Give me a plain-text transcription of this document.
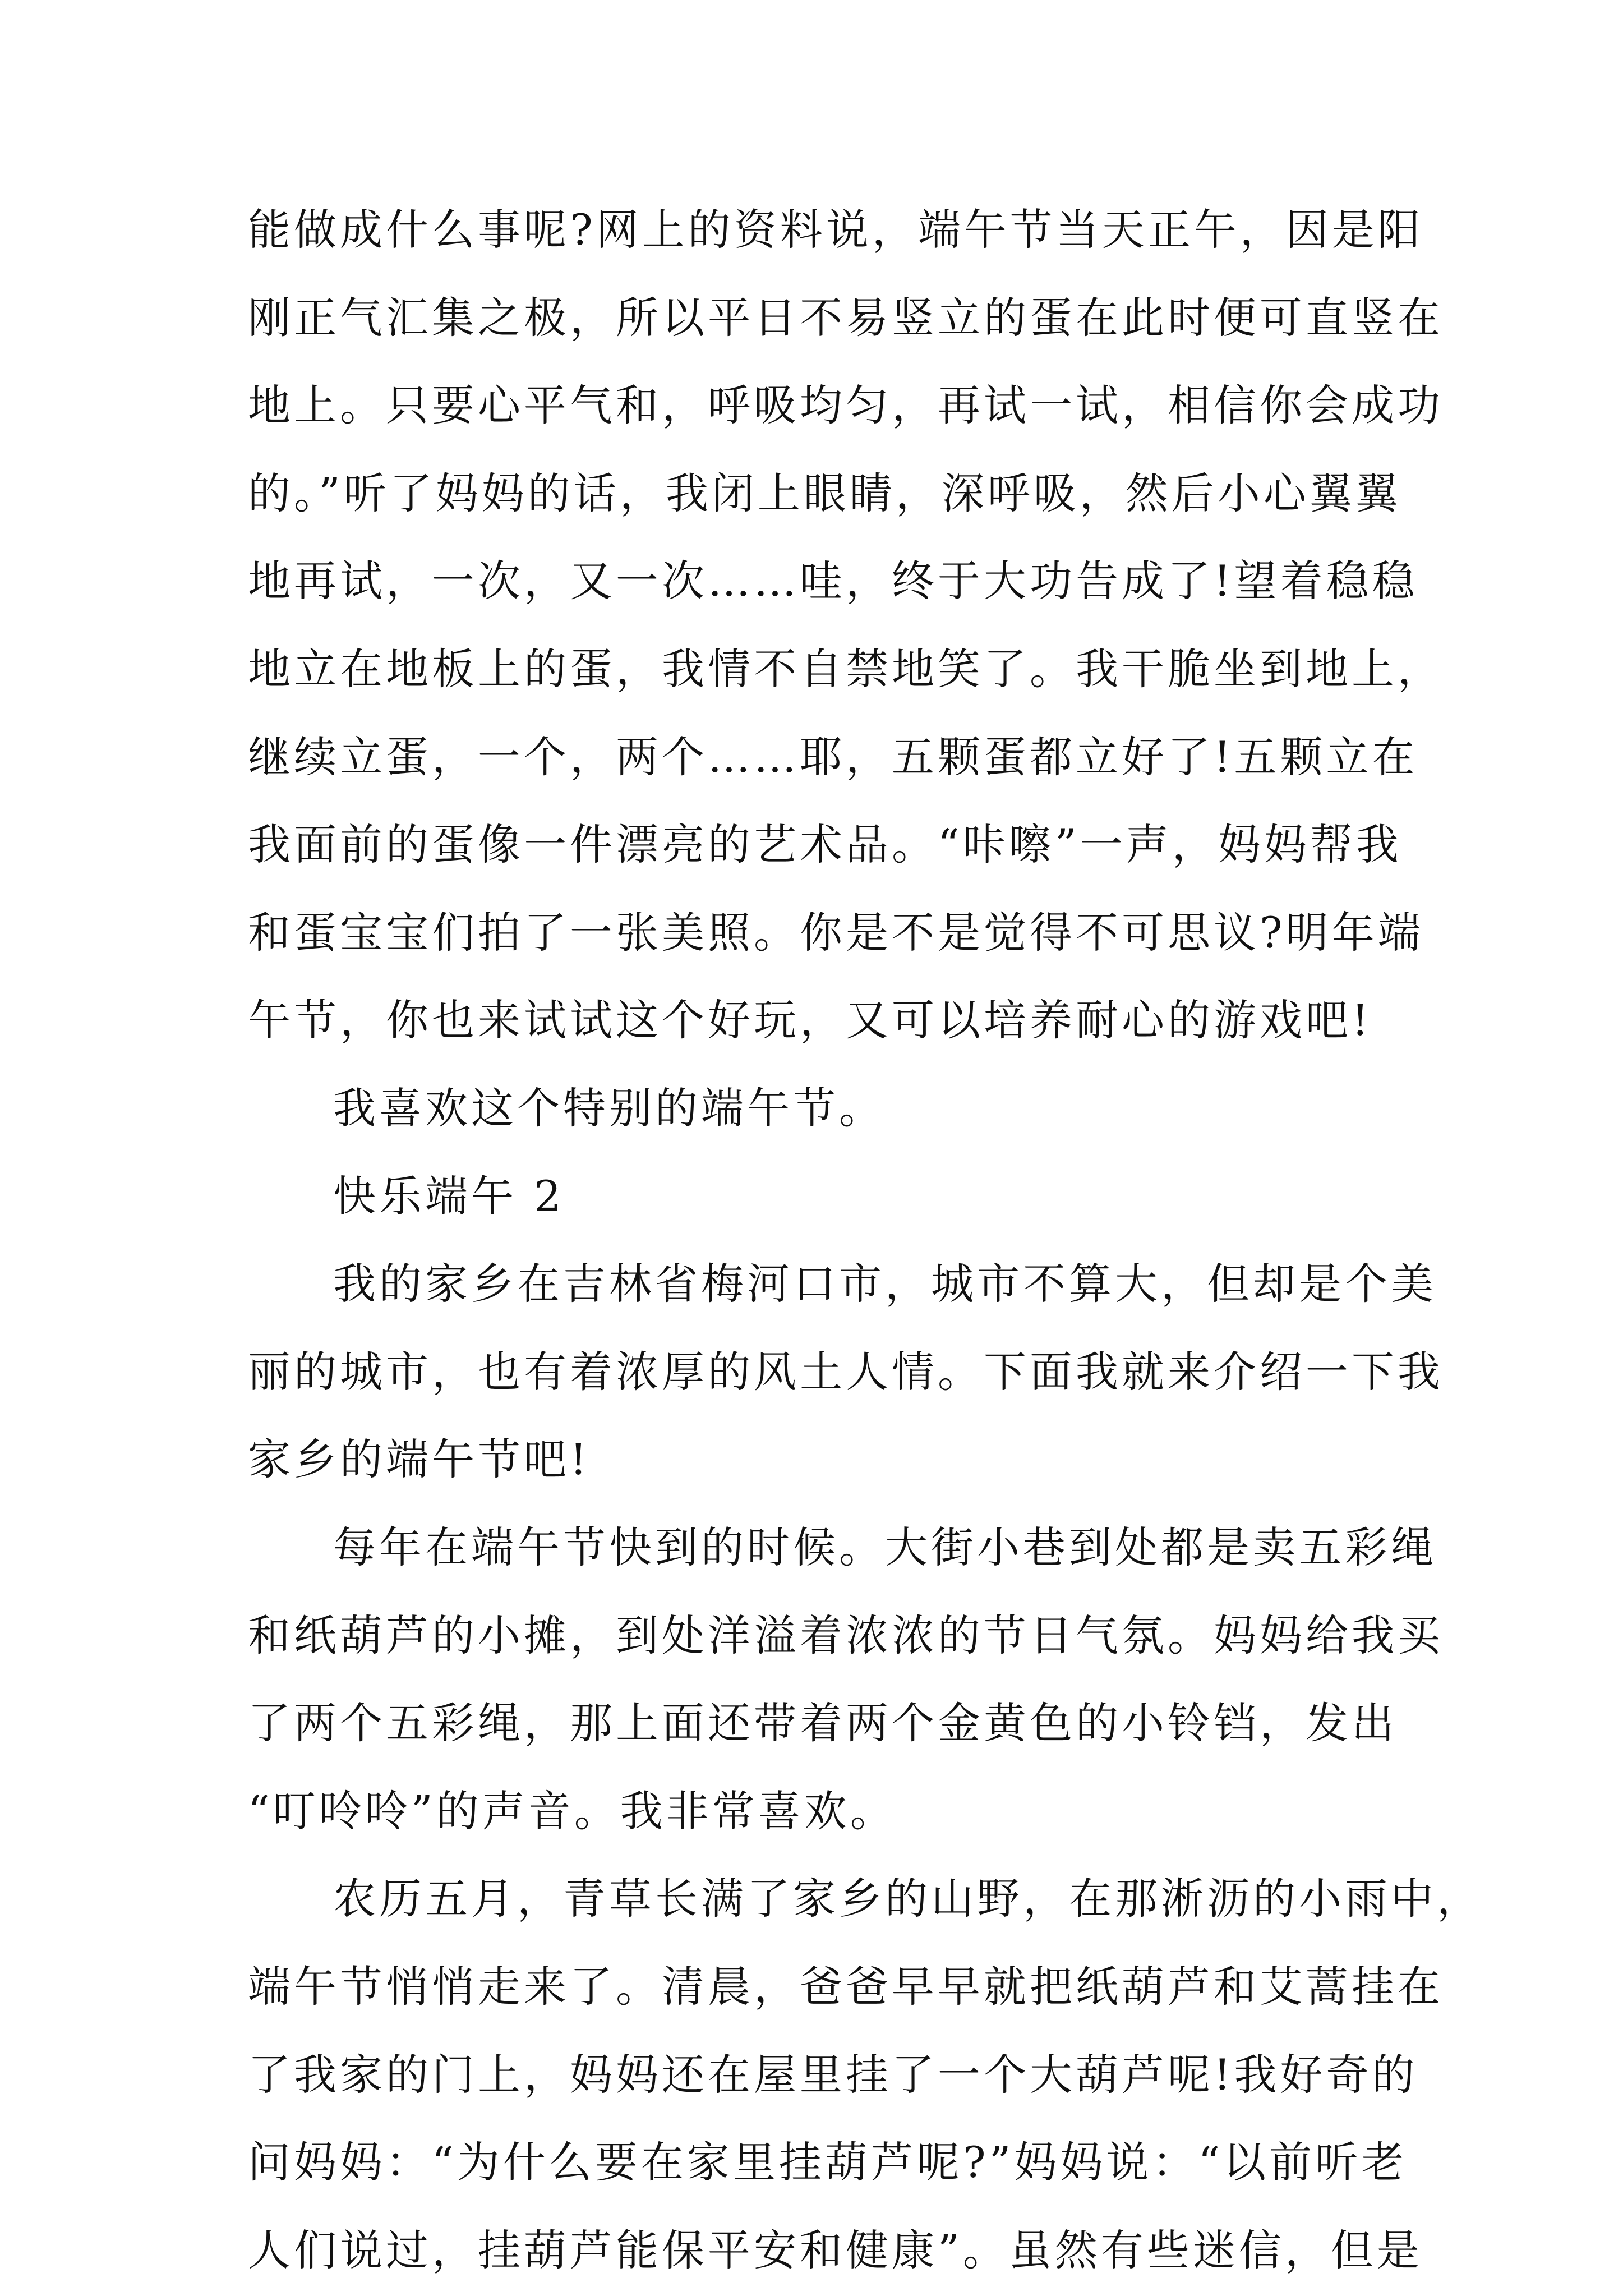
能做成什么事呢?网上的资料说，端午节当天正午，因是阳
刚正气汇集之极，所以平日不易竖立的蛋在此时便可直竖在
地上。只要心平气和，呼吸均匀，再试一试，相信你会成功
的。”听了妈妈的话，我闭上眼睛，深呼吸，然后小心翼翼
地再试，一次，又一次……哇，终于大功告成了!望着稳稳
地立在地板上的蛋，我情不自禁地笑了。我干脆坐到地上，
继续立蛋，一个，两个……耶，五颗蛋都立好了!五颗立在
我面前的蛋像一件漂亮的艺术品。“咔嚓”一声，妈妈帮我
和蛋宝宝们拍了一张美照。你是不是觉得不可思议?明年端
午节，你也来试试这个好玩，又可以培养耐心的游戏吧!
我喜欢这个特别的端午节。
快乐端午 2
我的家乡在吉林省梅河口市，城市不算大，但却是个美
丽的城市，也有着浓厚的风土人情。下面我就来介绍一下我
家乡的端午节吧!
每年在端午节快到的时候。大街小巷到处都是卖五彩绳
和纸葫芦的小摊，到处洋溢着浓浓的节日气氛。妈妈给我买
了两个五彩绳，那上面还带着两个金黄色的小铃铛，发出
“叮呤呤”的声音。我非常喜欢。
农历五月，青草长满了家乡的山野，在那淅沥的小雨中，
端午节悄悄走来了。清晨，爸爸早早就把纸葫芦和艾蒿挂在
了我家的门上，妈妈还在屋里挂了一个大葫芦呢!我好奇的
问妈妈：“为什么要在家里挂葫芦呢?”妈妈说：“以前听老
人们说过，挂葫芦能保平安和健康”。虽然有些迷信，但是
